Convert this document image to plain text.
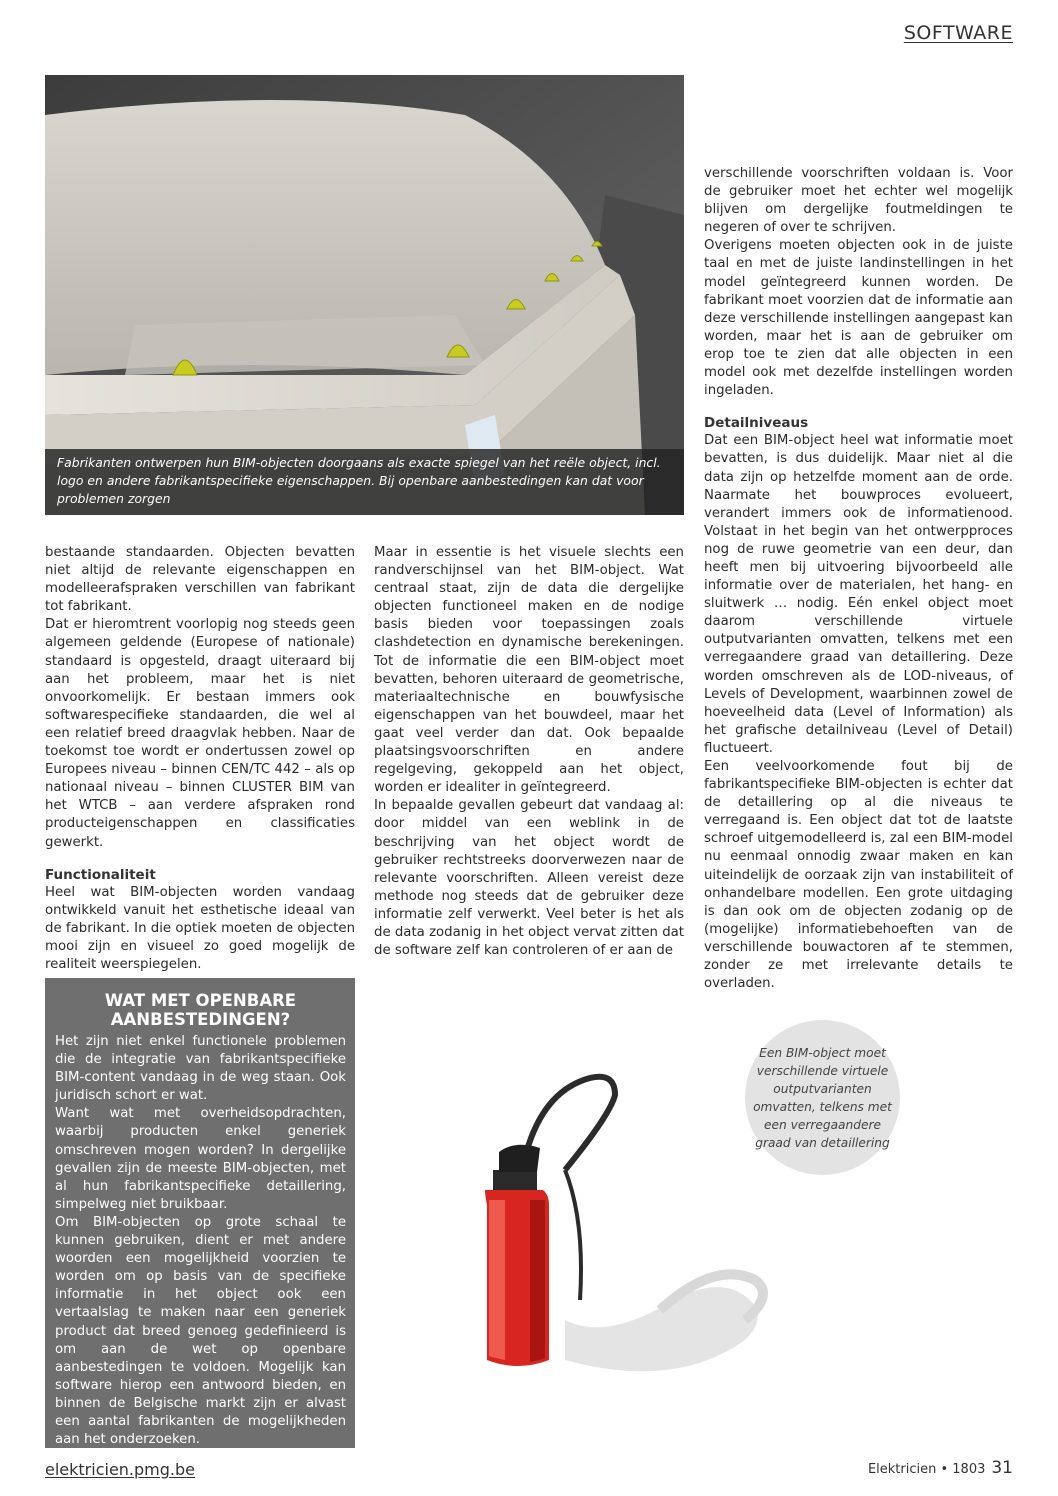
SOFTWARE
Fabrikanten ontwerpen hun BIM-objecten doorgaans als exacte spiegel van het reële object, incl. logo en andere fabrikantspecifieke eigenschappen. Bij openbare aanbestedingen kan dat voor problemen zorgen

bestaande standaarden. Objecten bevatten niet altijd de relevante eigenschappen en modelleerafspraken verschillen van fabrikant tot fabrikant.

Dat er hieromtrent voorlopig nog steeds geen algemeen geldende (Europese of nationale) standaard is opgesteld, draagt uiteraard bij aan het probleem, maar het is niet onvoorkomelijk. Er bestaan immers ook softwarespecifieke standaarden, die wel al een relatief breed draagvlak hebben. Naar de toekomst toe wordt er ondertussen zowel op Europees niveau – binnen CEN/TC 442 – als op nationaal niveau – binnen CLUSTER BIM van het WTCB – aan verdere afspraken rond producteigenschappen en classificaties gewerkt.

Functionaliteit

Heel wat BIM-objecten worden vandaag ontwikkeld vanuit het esthetische ideaal van de fabrikant. In die optiek moeten de objecten mooi zijn en visueel zo goed mogelijk de realiteit weerspiegelen.

Maar in essentie is het visuele slechts een randverschijnsel van het BIM-object. Wat centraal staat, zijn de data die dergelijke objecten functioneel maken en de nodige basis bieden voor toepassingen zoals clashdetection en dynamische berekeningen. Tot de informatie die een BIM-object moet bevatten, behoren uiteraard de geometrische, materiaaltechnische en bouwfysische eigenschappen van het bouwdeel, maar het gaat veel verder dan dat. Ook bepaalde plaatsingsvoorschriften en andere regelgeving, gekoppeld aan het object, worden er idealiter in geïntegreerd.

In bepaalde gevallen gebeurt dat vandaag al: door middel van een weblink in de beschrijving van het object wordt de gebruiker rechtstreeks doorverwezen naar de relevante voorschriften. Alleen vereist deze methode nog steeds dat de gebruiker deze informatie zelf verwerkt. Veel beter is het als de data zodanig in het object vervat zitten dat de software zelf kan controleren of er aan de

verschillende voorschriften voldaan is. Voor de gebruiker moet het echter wel mogelijk blijven om dergelijke foutmeldingen te negeren of over te schrijven.

Overigens moeten objecten ook in de juiste taal en met de juiste landinstellingen in het model geïntegreerd kunnen worden. De fabrikant moet voorzien dat de informatie aan deze verschillende instellingen aangepast kan worden, maar het is aan de gebruiker om erop toe te zien dat alle objecten in een model ook met dezelfde instellingen worden ingeladen.

Detailniveaus

Dat een BIM-object heel wat informatie moet bevatten, is dus duidelijk. Maar niet al die data zijn op hetzelfde moment aan de orde. Naarmate het bouwproces evolueert, verandert immers ook de informatienood. Volstaat in het begin van het ontwerpproces nog de ruwe geometrie van een deur, dan heeft men bij uitvoering bijvoorbeeld alle informatie over de materialen, het hang- en sluitwerk … nodig. Eén enkel object moet daarom verschillende virtuele outputvarianten omvatten, telkens met een verregaandere graad van detaillering. Deze worden omschreven als de LOD-niveaus, of Levels of Development, waarbinnen zowel de hoeveelheid data (Level of Information) als het grafische detailniveau (Level of Detail) fluctueert.

Een veelvoorkomende fout bij de fabrikantspecifieke BIM-objecten is echter dat de detaillering op al die niveaus te verregaand is. Een object dat tot de laatste schroef uitgemodelleerd is, zal een BIM-model nu eenmaal onnodig zwaar maken en kan uiteindelijk de oorzaak zijn van instabiliteit of onhandelbare modellen. Een grote uitdaging is dan ook om de objecten zodanig op de (mogelijke) informatiebehoeften van de verschillende bouwactoren af te stemmen, zonder ze met irrelevante details te overladen.

WAT MET OPENBARE AANBESTEDINGEN?

Het zijn niet enkel functionele problemen die de integratie van fabrikantspecifieke BIM-content vandaag in de weg staan. Ook juridisch schort er wat.

Want wat met overheidsopdrachten, waarbij producten enkel generiek omschreven mogen worden? In dergelijke gevallen zijn de meeste BIM-objecten, met al hun fabrikantspecifieke detaillering, simpelweg niet bruikbaar.

Om BIM-objecten op grote schaal te kunnen gebruiken, dient er met andere woorden een mogelijkheid voorzien te worden om op basis van de specifieke informatie in het object ook een vertaalslag te maken naar een generiek product dat breed genoeg gedefinieerd is om aan de wet op openbare aanbestedingen te voldoen. Mogelijk kan software hierop een antwoord bieden, en binnen de Belgische markt zijn er alvast een aantal fabrikanten de mogelijkheden aan het onderzoeken.

Een BIM-object moet verschillende virtuele outputvarianten omvatten, telkens met een verregaandere graad van detaillering
elektricien.pmg.be	Elektricien • 1803 31
